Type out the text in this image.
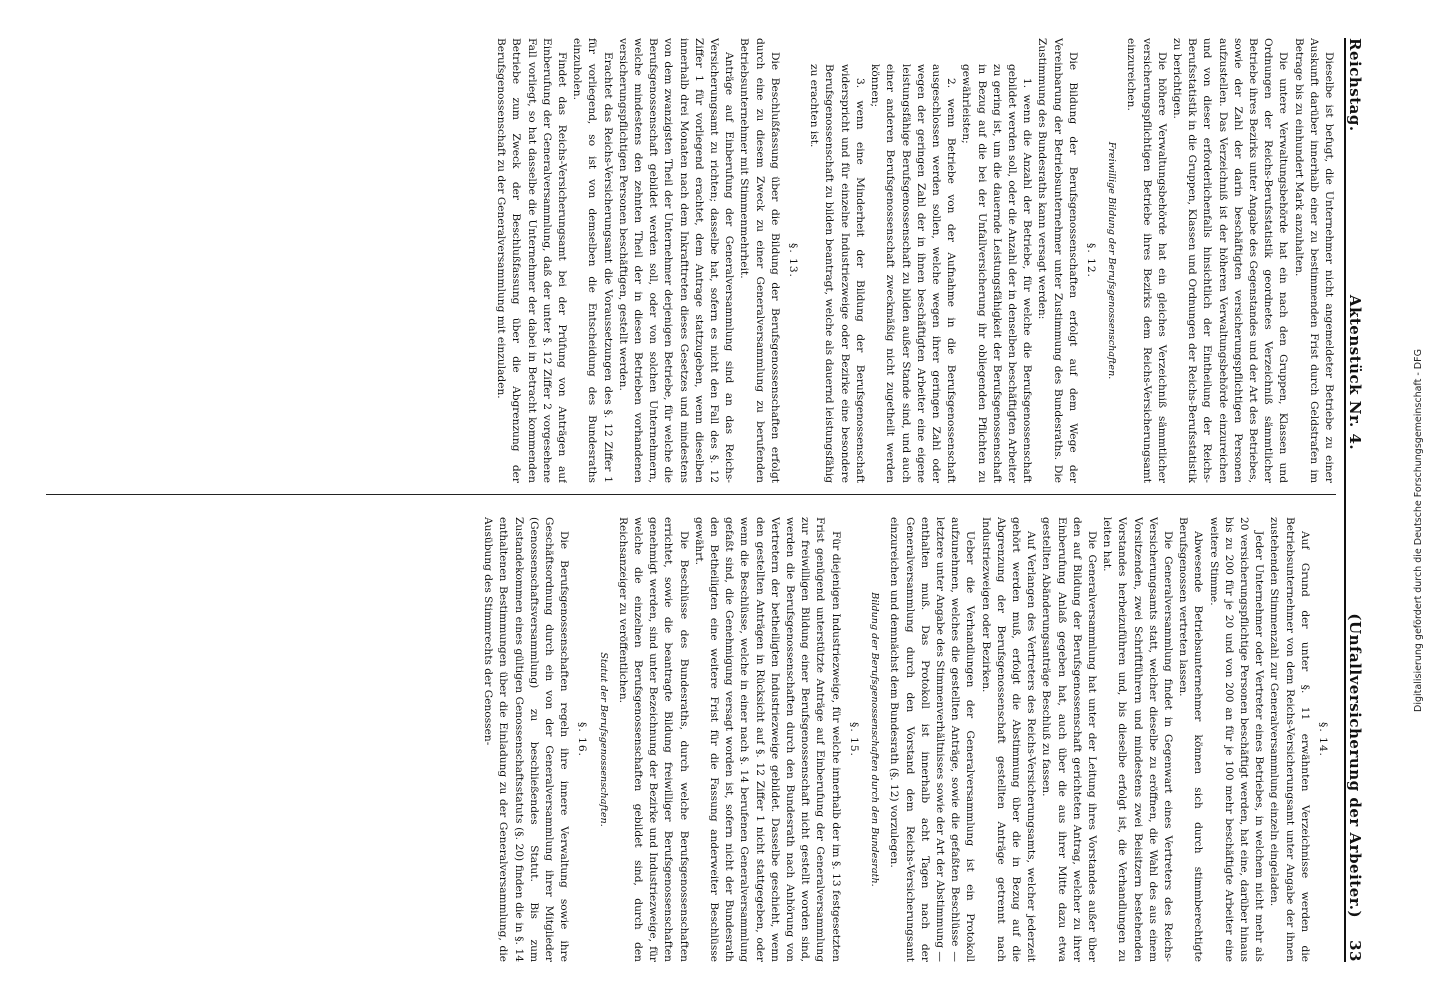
Reichstag.
Aktenstück Nr. 4.
(Unfallversicherung der Arbeiter.)
33

Dieselbe ist befugt, die Unternehmer nicht angemeldeter Betriebe zu einer Auskunft darüber innerhalb einer zu bestimmenden Frist durch Geldstrafen im Betrage bis zu einhundert Mark anzuhalten.

Die untere Verwaltungsbehörde hat ein nach den Gruppen, Klassen und Ordnungen der Reichs-Berufsstatistik geordnetes Verzeichniß sämmtlicher Betriebe ihres Bezirks unter Angabe des Gegenstandes und der Art des Betriebes, sowie der Zahl der darin beschäftigten versicherungspflichtigen Personen aufzustellen. Das Verzeichniß ist der höheren Verwaltungsbehörde einzureichen und von dieser erforderlichenfalls hinsichtlich der Eintheilung der Reichs-Berufsstatistik in die Gruppen, Klassen und Ordnungen der Reichs-Berufsstatistik zu berichtigen.

Die höhere Verwaltungsbehörde hat ein gleiches Verzeichniß sämmtlicher versicherungspflichtigen Betriebe ihres Bezirks dem Reichs-Versicherungsamt einzureichen.

Freiwillige Bildung der Berufsgenossenschaften.
§. 12.

Die Bildung der Berufsgenossenschaften erfolgt auf dem Wege der Vereinbarung der Betriebsunternehmer unter Zustimmung des Bundesraths. Die Zustimmung des Bundesraths kann versagt werden:

1. wenn die Anzahl der Betriebe, für welche die Berufsgenossenschaft gebildet werden soll, oder die Anzahl der in denselben beschäftigten Arbeiter zu gering ist, um die dauernde Leistungsfähigkeit der Berufsgenossenschaft in Bezug auf die bei der Unfallversicherung ihr obliegenden Pflichten zu gewährleisten;

2. wenn Betriebe von der Aufnahme in die Berufsgenossenschaft ausgeschlossen werden sollen, welche wegen ihrer geringen Zahl oder wegen der geringen Zahl der in ihnen beschäftigten Arbeiter eine eigene leistungsfähige Berufsgenossenschaft zu bilden außer Stande sind, und auch einer anderen Berufsgenossenschaft zweckmäßig nicht zugetheilt werden können;

3. wenn eine Minderheit der Bildung der Berufsgenossenschaft widerspricht und für einzelne Industriezweige oder Bezirke eine besondere Berufsgenossenschaft zu bilden beantragt, welche als dauernd leistungsfähig zu erachten ist.

§. 13.

Die Beschlußfassung über die Bildung der Berufsgenossenschaften erfolgt durch eine zu diesem Zweck zu einer Generalversammlung zu berufenden Betriebsunternehmer mit Stimmenmehrheit.

Anträge auf Einberufung der Generalversammlung sind an das Reichs-Versicherungsamt zu richten; dasselbe hat, sofern es nicht den Fall des §. 12 Ziffer 1 für vorliegend erachtet, dem Antrage stattzugeben, wenn dieselben innerhalb drei Monaten nach dem Inkrafttreten dieses Gesetzes und mindestens von dem zwanzigsten Theil der Unternehmer derjenigen Betriebe, für welche die Berufsgenossenschaft gebildet werden soll, oder von solchen Unternehmern, welche mindestens den zehnten Theil der in diesen Betrieben vorhandenen versicherungspflichtigen Personen beschäftigen, gestellt werden.

Erachtet das Reichs-Versicherungsamt die Voraussetzungen des §. 12 Ziffer 1 für vorliegend, so ist von demselben die Entscheidung des Bundesraths einzuholen.

Findet das Reichs-Versicherungsamt bei der Prüfung von Anträgen auf Einberufung der Generalversammlung, daß der unter §. 12 Ziffer 2 vorgesehene Fall vorliegt, so hat dasselbe die Unternehmer der dabei in Betracht kommenden Betriebe zum Zweck der Beschlußfassung über die Abgrenzung der Berufsgenossenschaft zu der Generalversammlung mit einzuladen.

§. 14.

Auf Grund der unter §. 11 erwähnten Verzeichnisse werden die Betriebsunternehmer von dem Reichs-Versicherungsamt unter Angabe der ihnen zustehenden Stimmenzahl zur Generalversammlung einzeln eingeladen.

Jeder Unternehmer oder Vertreter eines Betriebes, in welchem nicht mehr als 20 versicherungspflichtige Personen beschäftigt werden, hat eine, darüber hinaus bis zu 200 für je 20 und von 200 an für je 100 mehr beschäftigte Arbeiter eine weitere Stimme.

Abwesende Betriebsunternehmer können sich durch stimmberechtigte Berufsgenossen vertreten lassen.

Die Generalversammlung findet in Gegenwart eines Vertreters des Reichs-Versicherungsamts statt, welcher dieselbe zu eröffnen, die Wahl des aus einem Vorsitzenden, zwei Schriftführern und mindestens zwei Beisitzern bestehenden Vorstandes herbeizuführen und, bis dieselbe erfolgt ist, die Verhandlungen zu leiten hat.

Die Generalversammlung hat unter der Leitung ihres Vorstandes außer über den auf Bildung der Berufsgenossenschaft gerichteten Antrag, welcher zu ihrer Einberufung Anlaß gegeben hat, auch über die aus ihrer Mitte dazu etwa gestellten Abänderungsanträge Beschluß zu fassen.

Auf Verlangen des Vertreters des Reichs-Versicherungsamts, welcher jederzeit gehört werden muß, erfolgt die Abstimmung über die in Bezug auf die Abgrenzung der Berufsgenossenschaft gestellten Anträge getrennt nach Industriezweigen oder Bezirken.

Ueber die Verhandlungen der Generalversammlung ist ein Protokoll aufzunehmen, welches die gestellten Anträge, sowie die gefaßten Beschlüsse — letztere unter Angabe des Stimmenverhältnisses sowie der Art der Abstimmung — enthalten muß. Das Protokoll ist innerhalb acht Tagen nach der Generalversammlung durch den Vorstand dem Reichs-Versicherungsamt einzureichen und demnächst dem Bundesrath (§. 12) vorzulegen.

Bildung der Berufsgenossenschaften durch den Bundesrath.
§. 15.

Für diejenigen Industriezweige, für welche innerhalb der im §. 13 festgesetzten Frist genügend unterstützte Anträge auf Einberufung der Generalversammlung zur freiwilligen Bildung einer Berufsgenossenschaft nicht gestellt worden sind, werden die Berufsgenossenschaften durch den Bundesrath nach Anhörung von Vertretern der betheiligten Industriezweige gebildet. Dasselbe geschieht, wenn den gestellten Anträgen in Rücksicht auf §. 12 Ziffer 1 nicht stattgegeben, oder wenn die Beschlüsse, welche in einer nach §. 14 berufenen Generalversammlung gefaßt sind, die Genehmigung versagt worden ist, sofern nicht der Bundesrath den Betheiligten eine weitere Frist für die Fassung anderweiter Beschlüsse gewährt.

Die Beschlüsse des Bundesraths, durch welche Berufsgenossenschaften errichtet, sowie die beantragte Bildung freiwilliger Berufsgenossenschaften genehmigt werden, sind unter Bezeichnung der Bezirke und Industriezweige, für welche die einzelnen Berufsgenossenschaften gebildet sind, durch den Reichsanzeiger zu veröffentlichen.

Statut der Berufsgenossenschaften.
§. 16.

Die Berufsgenossenschaften regeln ihre innere Verwaltung sowie ihre Geschäftsordnung durch ein von der Generalversammlung ihrer Mitglieder (Genossenschaftsversammlung) zu beschließendes Statut. Bis zum Zustandekommen eines gültigen Genossenschaftsstatuts (§. 20) finden die in §. 14 enthaltenen Bestimmungen über die Einladung zu der Generalversammlung, die Ausübung des Stimmrechts der Genossen-	Digitalisierung gefördert durch die Deutsche Forschungsgemeinschaft - DFG
